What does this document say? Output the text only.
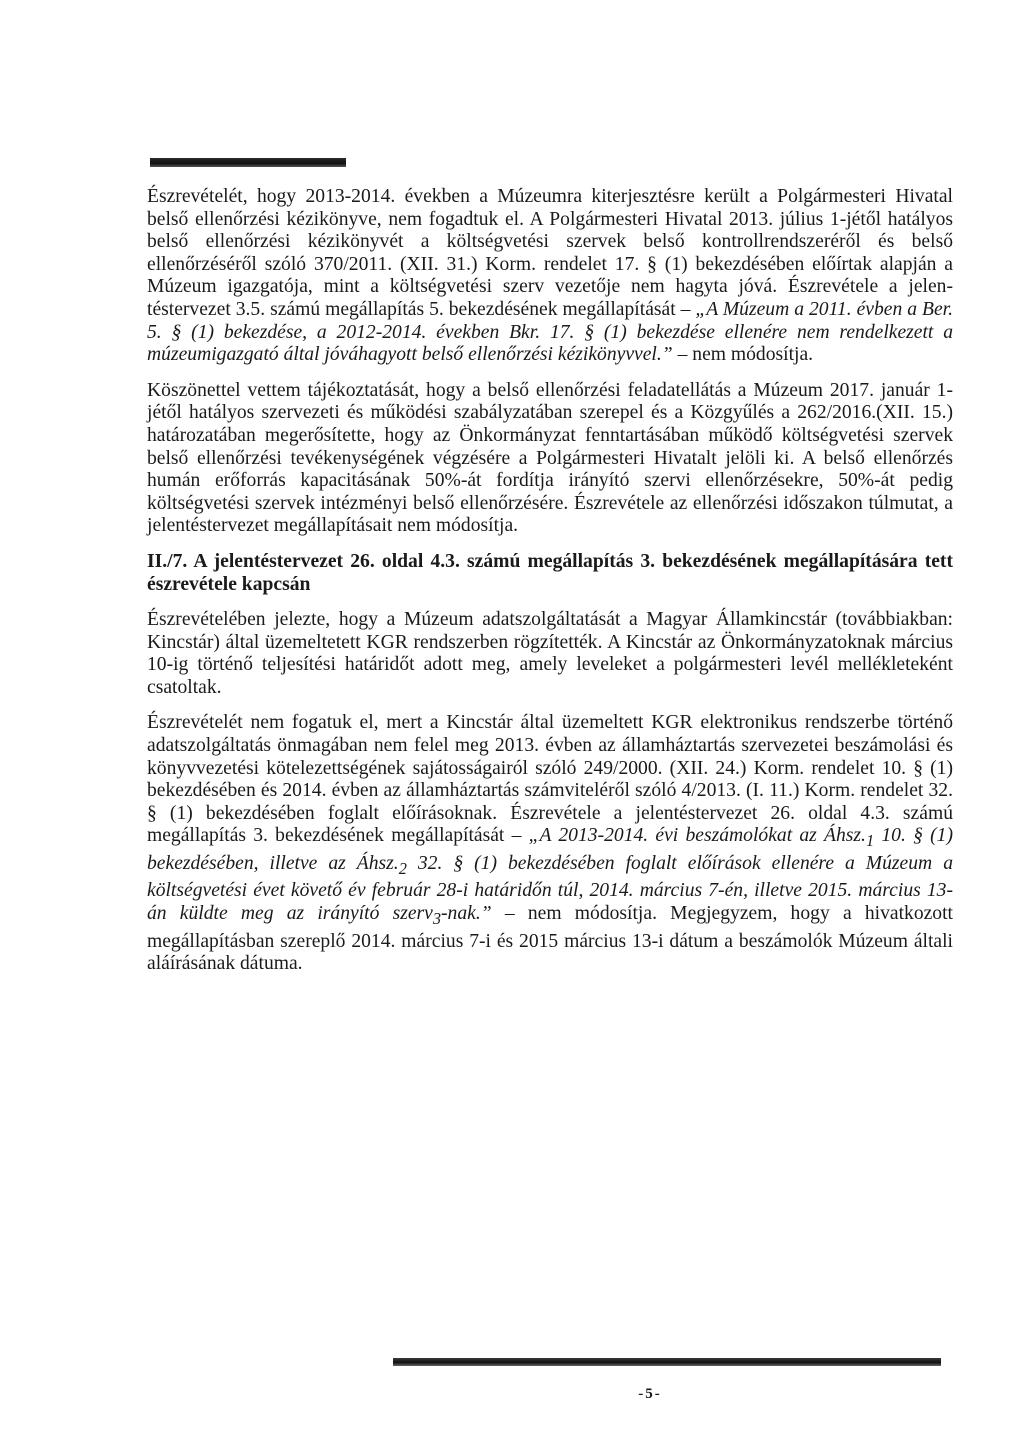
Észrevételét, hogy 2013-2014. években a Múzeumra kiterjesztésre került a Polgármesteri Hivatal belső ellenőrzési kézikönyve, nem fogadtuk el. A Polgármesteri Hivatal 2013. július 1-jétől hatályos belső ellenőrzési kézikönyvét a költségvetési szervek belső kontrollrendszeréről és belső ellenőrzéséről szóló 370/2011. (XII. 31.) Korm. rendelet 17. § (1) bekezdésében előírtak alapján a Múzeum igazgatója, mint a költségvetési szerv vezetője nem hagyta jóvá. Észrevétele a jelentéstervezet 3.5. számú megállapítás 5. bekezdésének megállapítását – „A Múzeum a 2011. évben a Ber. 5. § (1) bekezdése, a 2012-2014. években Bkr. 17. § (1) bekezdése ellenére nem rendelkezett a múzeumigazgató által jóváhagyott belső ellenőrzési kézikönyvvel.” – nem módosítja.

Köszönettel vettem tájékoztatását, hogy a belső ellenőrzési feladatellátás a Múzeum 2017. január 1-jétől hatályos szervezeti és működési szabályzatában szerepel és a Közgyűlés a 262/2016.(XII. 15.) határozatában megerősítette, hogy az Önkormányzat fenntartásában működő költségvetési szervek belső ellenőrzési tevékenységének végzésére a Polgármesteri Hivatalt jelöli ki. A belső ellenőrzés humán erőforrás kapacitásának 50%-át fordítja irányító szervi ellenőrzésekre, 50%-át pedig költségvetési szervek intézményi belső ellenőrzésére. Észrevétele az ellenőrzési időszakon túlmutat, a jelentéstervezet megállapításait nem módosítja.

II./7. A jelentéstervezet 26. oldal 4.3. számú megállapítás 3. bekezdésének megállapítására tett észrevétele kapcsán

Észrevételében jelezte, hogy a Múzeum adatszolgáltatását a Magyar Államkincstár (továbbiakban: Kincstár) által üzemeltetett KGR rendszerben rögzítették. A Kincstár az Önkormányzatoknak március 10-ig történő teljesítési határidőt adott meg, amely leveleket a polgármesteri levél mellékleteként csatoltak.

Észrevételét nem fogatuk el, mert a Kincstár által üzemeltett KGR elektronikus rendszerbe történő adatszolgáltatás önmagában nem felel meg 2013. évben az államháztartás szervezetei beszámolási és könyvvezetési kötelezettségének sajátosságairól szóló 249/2000. (XII. 24.) Korm. rendelet 10. § (1) bekezdésében és 2014. évben az államháztartás számviteléről szóló 4/2013. (I. 11.) Korm. rendelet 32. § (1) bekezdésében foglalt előírásoknak. Észrevétele a jelentéstervezet 26. oldal 4.3. számú megállapítás 3. bekezdésének megállapítását – „A 2013-2014. évi beszámolókat az $Áhsz._1$ 10. § (1) bekezdésében, illetve az $Áhsz._2$ 32. § (1) bekezdésében foglalt előírások ellenére a Múzeum a költségvetési évet követő év február 28-i határidőn túl, 2014. március 7-én, illetve 2015. március 13-án küldte meg az irányító szerv$_3$-nak.” – nem módosítja. Megjegyzem, hogy a hivatkozott megállapításban szereplő 2014. március 7-i és 2015 március 13-i dátum a beszámolók Múzeum általi aláírásának dátuma.

-5-
